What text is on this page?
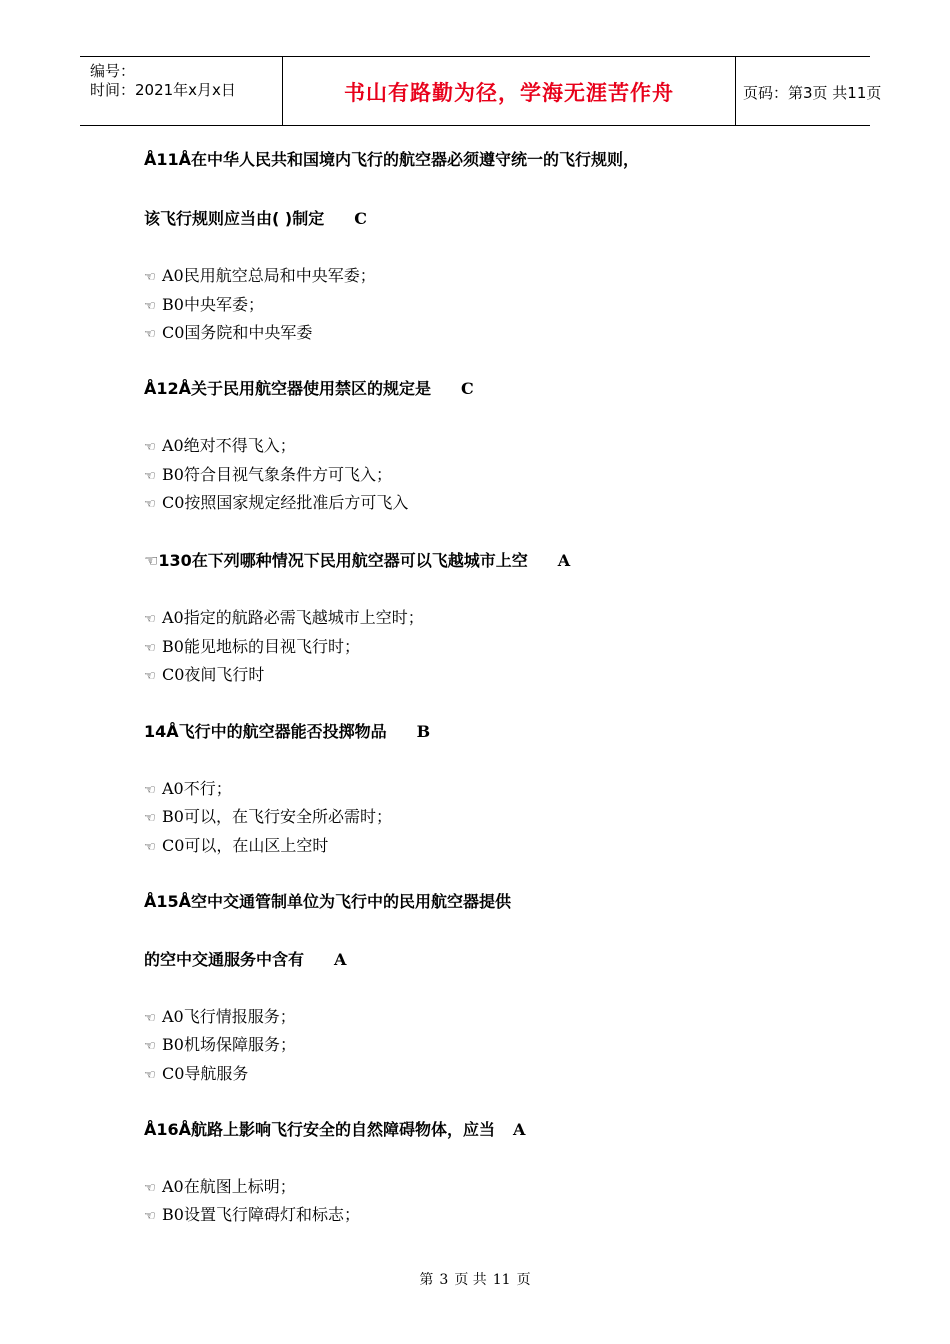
编号：
时间：2021年x月x日	书山有路勤为径，学海无涯苦作舟	页码：第3页 共11页
Å11Å在中华人民共和国境内飞行的航空器必须遵守统一的飞行规则，
该飞行规则应当由( )制定 C
☜ A0民用航空总局和中央军委；
☜ B0中央军委；
☜ C0国务院和中央军委
Å12Å关于民用航空器使用禁区的规定是 C
☜ A0绝对不得飞入；
☜ B0符合目视气象条件方可飞入；
☜ C0按照国家规定经批准后方可飞入
☜130在下列哪种情况下民用航空器可以飞越城市上空 A
☜ A0指定的航路必需飞越城市上空时；
☜ B0能见地标的目视飞行时；
☜ C0夜间飞行时
14Å飞行中的航空器能否投掷物品 B
☜ A0不行；
☜ B0可以，在飞行安全所必需时；
☜ C0可以，在山区上空时
Å15Å空中交通管制单位为飞行中的民用航空器提供
的空中交通服务中含有 A
☜ A0飞行情报服务；
☜ B0机场保障服务；
☜ C0导航服务
Å16Å航路上影响飞行安全的自然障碍物体，应当 A
☜ A0在航图上标明；
☜ B0设置飞行障碍灯和标志；
第 3 页 共 11 页
